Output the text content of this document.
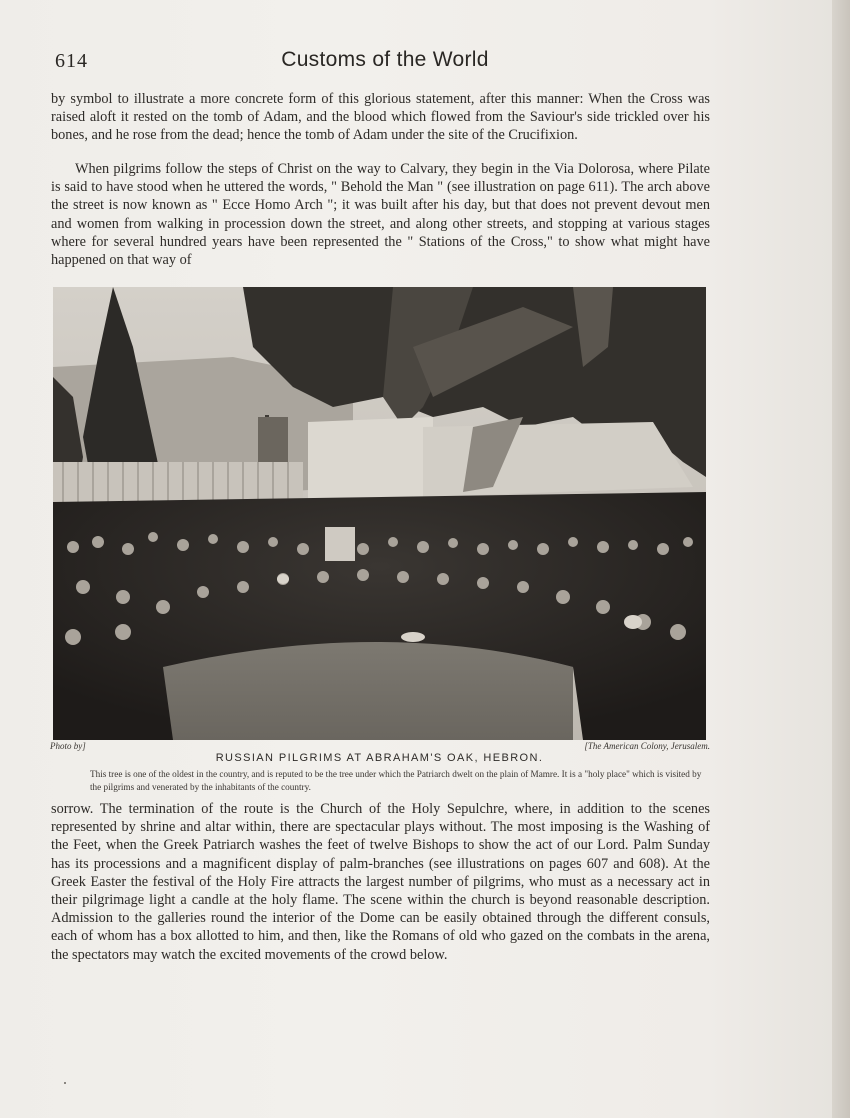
614	Customs of the World

by symbol to illustrate a more concrete form of this glorious statement, after this manner: When the Cross was raised aloft it rested on the tomb of Adam, and the blood which flowed from the Saviour's side trickled over his bones, and he rose from the dead; hence the tomb of Adam under the site of the Crucifixion.

When pilgrims follow the steps of Christ on the way to Calvary, they begin in the Via Dolorosa, where Pilate is said to have stood when he uttered the words, " Behold the Man " (see illustration on page 611). The arch above the street is now known as " Ecce Homo Arch "; it was built after his day, but that does not prevent devout men and women from walking in procession down the street, and along other streets, and stopping at various stages where for several hundred years have been represented the " Stations of the Cross," to show what might have happened on that way of

Photo by]	[The American Colony, Jerusalem.
RUSSIAN PILGRIMS AT ABRAHAM'S OAK, HEBRON.
This tree is one of the oldest in the country, and is reputed to be the tree under which the Patriarch dwelt on the plain of Mamre. It is a "holy place" which is visited by the pilgrims and venerated by the inhabitants of the country.

sorrow. The termination of the route is the Church of the Holy Sepulchre, where, in addition to the scenes represented by shrine and altar within, there are spectacular plays without. The most imposing is the Washing of the Feet, when the Greek Patriarch washes the feet of twelve Bishops to show the act of our Lord. Palm Sunday has its processions and a magnificent display of palm-branches (see illustrations on pages 607 and 608). At the Greek Easter the festival of the Holy Fire attracts the largest number of pilgrims, who must as a necessary act in their pilgrimage light a candle at the holy flame. The scene within the church is beyond reasonable description. Admission to the galleries round the interior of the Dome can be easily obtained through the different consuls, each of whom has a box allotted to him, and then, like the Romans of old who gazed on the combats in the arena, the spectators may watch the excited movements of the crowd below.
